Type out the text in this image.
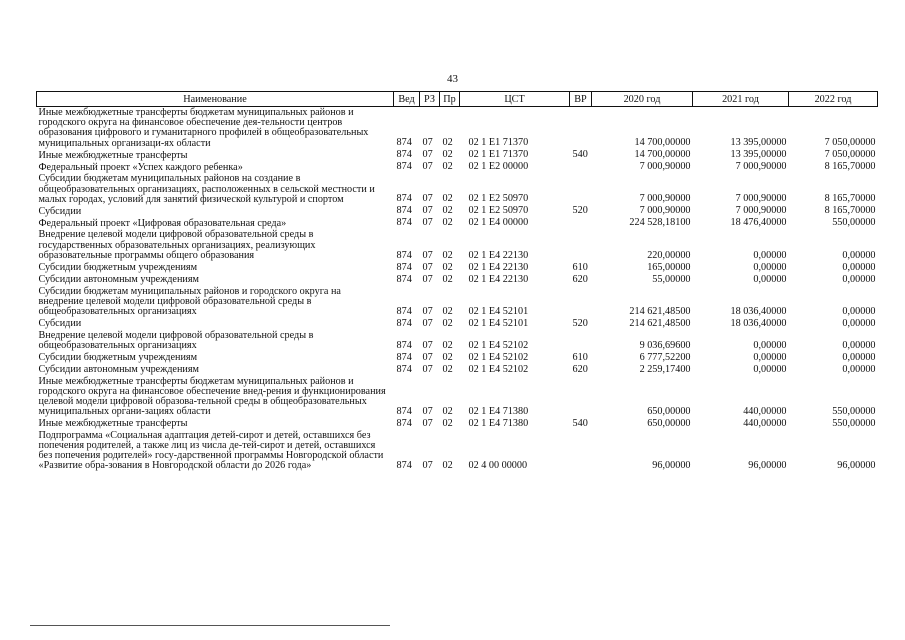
43
Наименование	Вед	РЗ	Пр	ЦСТ	ВР	2020 год	2021 год	2022 год
Иные межбюджетные трансферты бюджетам муниципальных районов и городского округа на финансовое обеспечение дея-тельности центров образования цифрового и гуманитарного профилей в общеобразовательных муниципальных организаци-ях области	874	07	02	02 1 E1 71370		14 700,00000	13 395,00000	7 050,00000
Иные межбюджетные трансферты	874	07	02	02 1 E1 71370	540	14 700,00000	13 395,00000	7 050,00000
Федеральный проект «Успех каждого ребенка»	874	07	02	02 1 E2 00000		7 000,90000	7 000,90000	8 165,70000
Субсидии бюджетам муниципальных районов на создание в общеобразовательных организациях, расположенных в сельской местности и малых городах, условий для занятий физической культурой и спортом	874	07	02	02 1 E2 50970		7 000,90000	7 000,90000	8 165,70000
Субсидии	874	07	02	02 1 E2 50970	520	7 000,90000	7 000,90000	8 165,70000
Федеральный проект «Цифровая образовательная среда»	874	07	02	02 1 E4 00000		224 528,18100	18 476,40000	550,00000
Внедрение целевой модели цифровой образовательной среды в государственных образовательных организациях, реализующих образовательные программы общего образования	874	07	02	02 1 E4 22130		220,00000	0,00000	0,00000
Субсидии бюджетным учреждениям	874	07	02	02 1 E4 22130	610	165,00000	0,00000	0,00000
Субсидии автономным учреждениям	874	07	02	02 1 E4 22130	620	55,00000	0,00000	0,00000
Субсидии бюджетам муниципальных районов и городского округа на внедрение целевой модели цифровой образовательной среды в общеобразовательных организациях	874	07	02	02 1 E4 52101		214 621,48500	18 036,40000	0,00000
Субсидии	874	07	02	02 1 E4 52101	520	214 621,48500	18 036,40000	0,00000
Внедрение целевой модели цифровой образовательной среды в общеобразовательных организациях	874	07	02	02 1 E4 52102		9 036,69600	0,00000	0,00000
Субсидии бюджетным учреждениям	874	07	02	02 1 E4 52102	610	6 777,52200	0,00000	0,00000
Субсидии автономным учреждениям	874	07	02	02 1 E4 52102	620	2 259,17400	0,00000	0,00000
Иные межбюджетные трансферты бюджетам муниципальных районов и городского округа на финансовое обеспечение внед-рения и функционирования целевой модели цифровой образова-тельной среды в общеобразовательных муниципальных органи-зациях области	874	07	02	02 1 E4 71380		650,00000	440,00000	550,00000
Иные межбюджетные трансферты	874	07	02	02 1 E4 71380	540	650,00000	440,00000	550,00000
Подпрограмма «Социальная адаптация детей-сирот и детей, оставшихся без попечения родителей, а также лиц из числа де-тей-сирот и детей, оставшихся без попечения родителей» госу-дарственной программы Новгородской области «Развитие обра-зования в Новгородской области до 2026 года»	874	07	02	02 4 00 00000		96,00000	96,00000	96,00000
